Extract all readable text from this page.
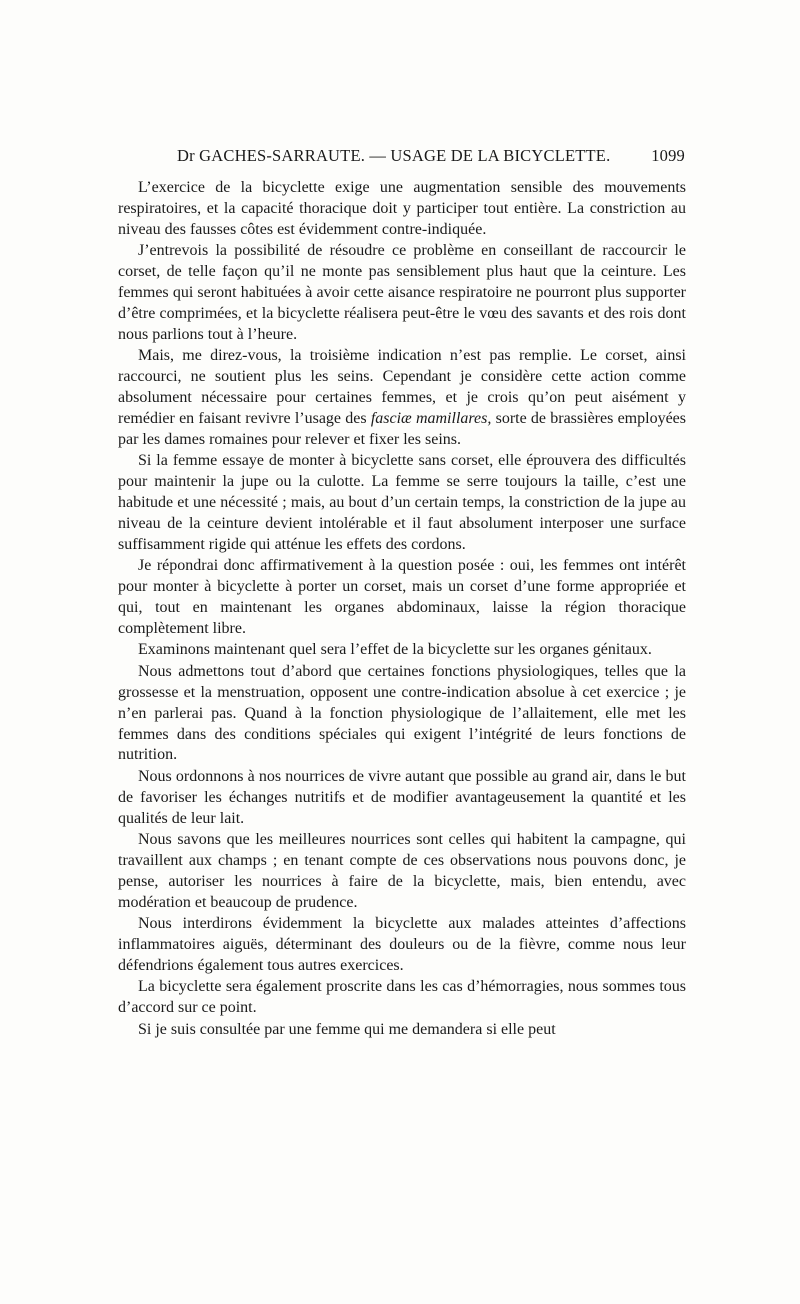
Dr GACHES-SARRAUTE. — USAGE DE LA BICYCLETTE. 1099

L’exercice de la bicyclette exige une augmentation sensible des mouvements respiratoires, et la capacité thoracique doit y participer tout entière. La constriction au niveau des fausses côtes est évidemment contre-indiquée.

J’entrevois la possibilité de résoudre ce problème en conseillant de raccourcir le corset, de telle façon qu’il ne monte pas sensiblement plus haut que la ceinture. Les femmes qui seront habituées à avoir cette aisance respiratoire ne pourront plus supporter d’être comprimées, et la bicyclette réalisera peut-être le vœu des savants et des rois dont nous parlions tout à l’heure.

Mais, me direz-vous, la troisième indication n’est pas remplie. Le corset, ainsi raccourci, ne soutient plus les seins. Cependant je considère cette action comme absolument nécessaire pour certaines femmes, et je crois qu’on peut aisément y remédier en faisant revivre l’usage des fasciæ mamillares, sorte de brassières employées par les dames romaines pour relever et fixer les seins.

Si la femme essaye de monter à bicyclette sans corset, elle éprouvera des difficultés pour maintenir la jupe ou la culotte. La femme se serre toujours la taille, c’est une habitude et une nécessité ; mais, au bout d’un certain temps, la constriction de la jupe au niveau de la ceinture devient intolérable et il faut absolument interposer une surface suffisamment rigide qui atténue les effets des cordons.

Je répondrai donc affirmativement à la question posée : oui, les femmes ont intérêt pour monter à bicyclette à porter un corset, mais un corset d’une forme appropriée et qui, tout en maintenant les organes abdominaux, laisse la région thoracique complètement libre.

Examinons maintenant quel sera l’effet de la bicyclette sur les organes génitaux.

Nous admettons tout d’abord que certaines fonctions physiologiques, telles que la grossesse et la menstruation, opposent une contre-indication absolue à cet exercice ; je n’en parlerai pas. Quand à la fonction physiologique de l’allaitement, elle met les femmes dans des conditions spéciales qui exigent l’intégrité de leurs fonctions de nutrition.

Nous ordonnons à nos nourrices de vivre autant que possible au grand air, dans le but de favoriser les échanges nutritifs et de modifier avantageusement la quantité et les qualités de leur lait.

Nous savons que les meilleures nourrices sont celles qui habitent la campagne, qui travaillent aux champs ; en tenant compte de ces observations nous pouvons donc, je pense, autoriser les nourrices à faire de la bicyclette, mais, bien entendu, avec modération et beaucoup de prudence.

Nous interdirons évidemment la bicyclette aux malades atteintes d’affections inflammatoires aiguës, déterminant des douleurs ou de la fièvre, comme nous leur défendrions également tous autres exercices.

La bicyclette sera également proscrite dans les cas d’hémorragies, nous sommes tous d’accord sur ce point.

Si je suis consultée par une femme qui me demandera si elle peut
